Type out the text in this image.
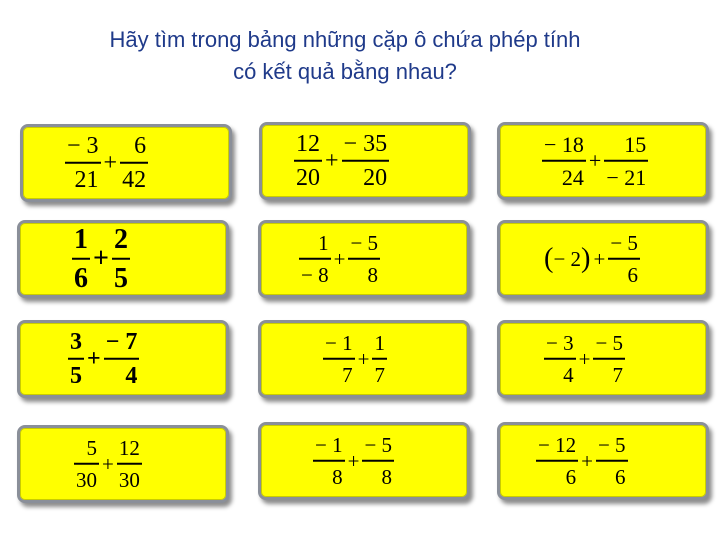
Hãy tìm trong bảng những cặp ô chứa phép tính
có kết quả bằng nhau?
$\frac{- 3}{21} + \frac{6}{42}$	$\frac{12}{20} + \frac{- 35}{20}$	$\frac{- 18}{24} + \frac{15}{- 21}$
$\frac{1}{6} + \frac{2}{5}$	$\frac{1}{- 8} + \frac{- 5}{8}$	( − 2 ) + $\frac{- 5}{6}$
$\frac{3}{5} + \frac{- 7}{4}$	$\frac{- 1}{7} + \frac{1}{7}$	$\frac{- 3}{4} + \frac{- 5}{7}$
$\frac{5}{30} + \frac{12}{30}$	$\frac{- 1}{8} + \frac{- 5}{8}$	$\frac{- 12}{6} + \frac{- 5}{6}$
